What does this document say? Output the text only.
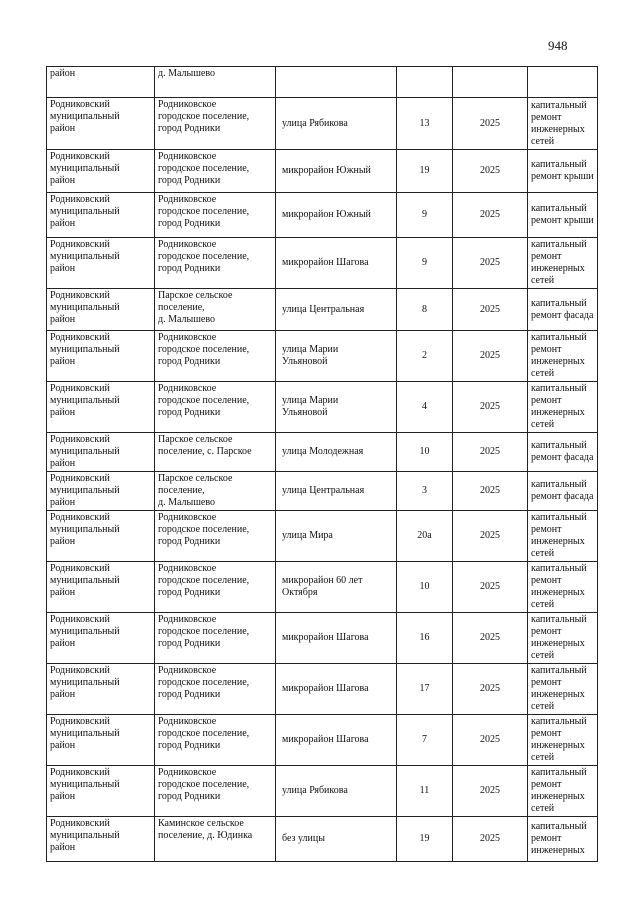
948
район	д. Малышево				

Родниковский
муниципальный
район	Родниковское
городское поселение,
город Родники	улица Рябикова	13	2025	капитальный
ремонт
инженерных
сетей

Родниковский
муниципальный
район	Родниковское
городское поселение,
город Родники	микрорайон Южный	19	2025	капитальный
ремонт крыши

Родниковский
муниципальный
район	Родниковское
городское поселение,
город Родники	микрорайон Южный	9	2025	капитальный
ремонт крыши

Родниковский
муниципальный
район	Родниковское
городское поселение,
город Родники	микрорайон Шагова	9	2025	капитальный
ремонт
инженерных
сетей

Родниковский
муниципальный
район	Парское сельское
поселение,
д. Малышево	улица Центральная	8	2025	капитальный
ремонт фасада

Родниковский
муниципальный
район	Родниковское
городское поселение,
город Родники	улица Марии
Ульяновой	2	2025	капитальный
ремонт
инженерных
сетей

Родниковский
муниципальный
район	Родниковское
городское поселение,
город Родники	улица Марии
Ульяновой	4	2025	капитальный
ремонт
инженерных
сетей

Родниковский
муниципальный
район	Парское сельское
поселение, с. Парское	улица Молодежная	10	2025	капитальный
ремонт фасада

Родниковский
муниципальный
район	Парское сельское
поселение,
д. Малышево	улица Центральная	3	2025	капитальный
ремонт фасада

Родниковский
муниципальный
район	Родниковское
городское поселение,
город Родники	улица Мира	20а	2025	капитальный
ремонт
инженерных
сетей

Родниковский
муниципальный
район	Родниковское
городское поселение,
город Родники	микрорайон 60 лет
Октября	10	2025	капитальный
ремонт
инженерных
сетей

Родниковский
муниципальный
район	Родниковское
городское поселение,
город Родники	микрорайон Шагова	16	2025	капитальный
ремонт
инженерных
сетей

Родниковский
муниципальный
район	Родниковское
городское поселение,
город Родники	микрорайон Шагова	17	2025	капитальный
ремонт
инженерных
сетей

Родниковский
муниципальный
район	Родниковское
городское поселение,
город Родники	микрорайон Шагова	7	2025	капитальный
ремонт
инженерных
сетей

Родниковский
муниципальный
район	Родниковское
городское поселение,
город Родники	улица Рябикова	11	2025	капитальный
ремонт
инженерных
сетей

Родниковский
муниципальный
район	Каминское сельское
поселение, д. Юдинка	без улицы	19	2025	капитальный
ремонт
инженерных
